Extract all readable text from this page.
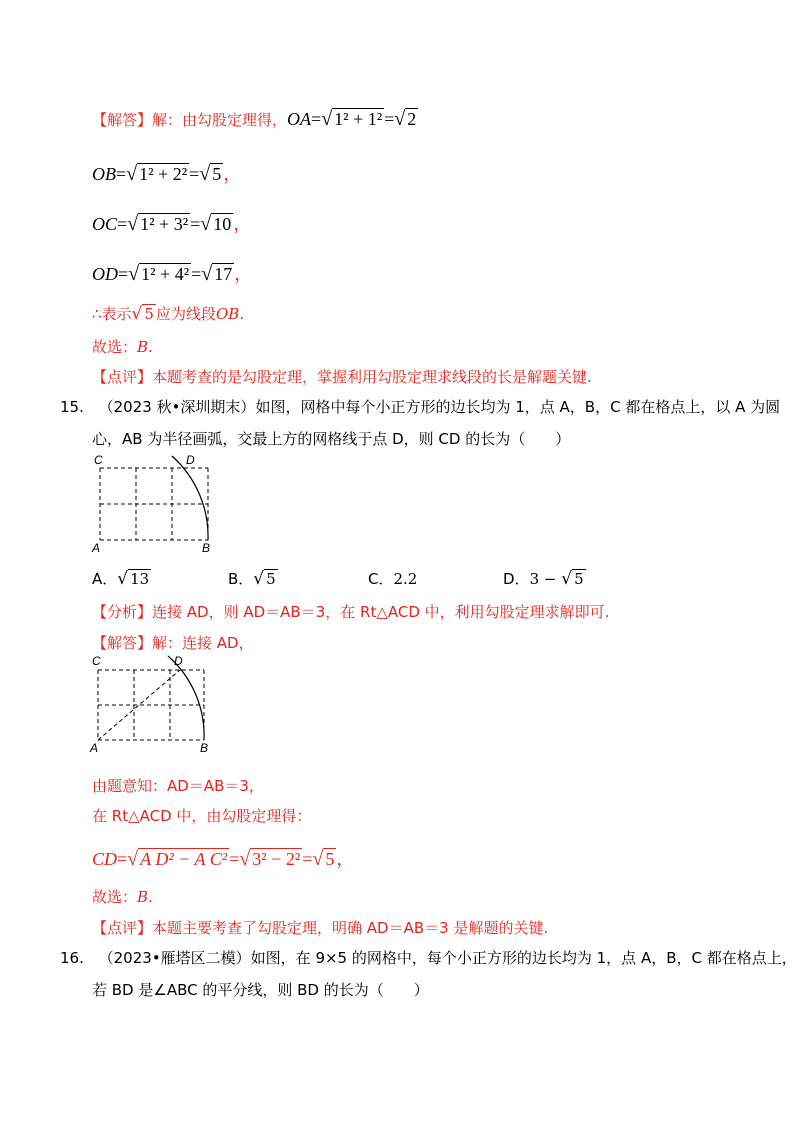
【解答】解：由勾股定理得，OA=√ 1² + 1² =√ 2
OB=√ 1² + 2² =√ 5 ，
OC=√ 1² + 3² =√ 10 ，
OD=√ 1² + 4² =√ 17 ，
∴表示√ 5 应为线段OB.
故选：B.
【点评】本题考查的是勾股定理，掌握利用勾股定理求线段的长是解题关键.
15. （2023 秋•深圳期末）如图，网格中每个小正方形的边长均为 1，点 A，B，C 都在格点上，以 A 为圆
心，AB 为半径画弧，交最上方的网格线于点 D，则 CD 的长为（　　）
C	D
A	B
A．√ 13	B．√ 5	C．2.2	D．3 − √ 5
【分析】连接 AD，则 AD＝AB＝3，在 Rt△ACD 中，利用勾股定理求解即可.
【解答】解：连接 AD，
C	D
A	B
由题意知：AD＝AB＝3，
在 Rt△ACD 中，由勾股定理得：
CD=√ A D² − A C² =√ 3² − 2² =√ 5 ，
故选：B.
【点评】本题主要考查了勾股定理，明确 AD＝AB＝3 是解题的关键.
16. （2023•雁塔区二模）如图，在 9×5 的网格中，每个小正方形的边长均为 1，点 A，B，C 都在格点上，
若 BD 是∠ABC 的平分线，则 BD 的长为（　　）
